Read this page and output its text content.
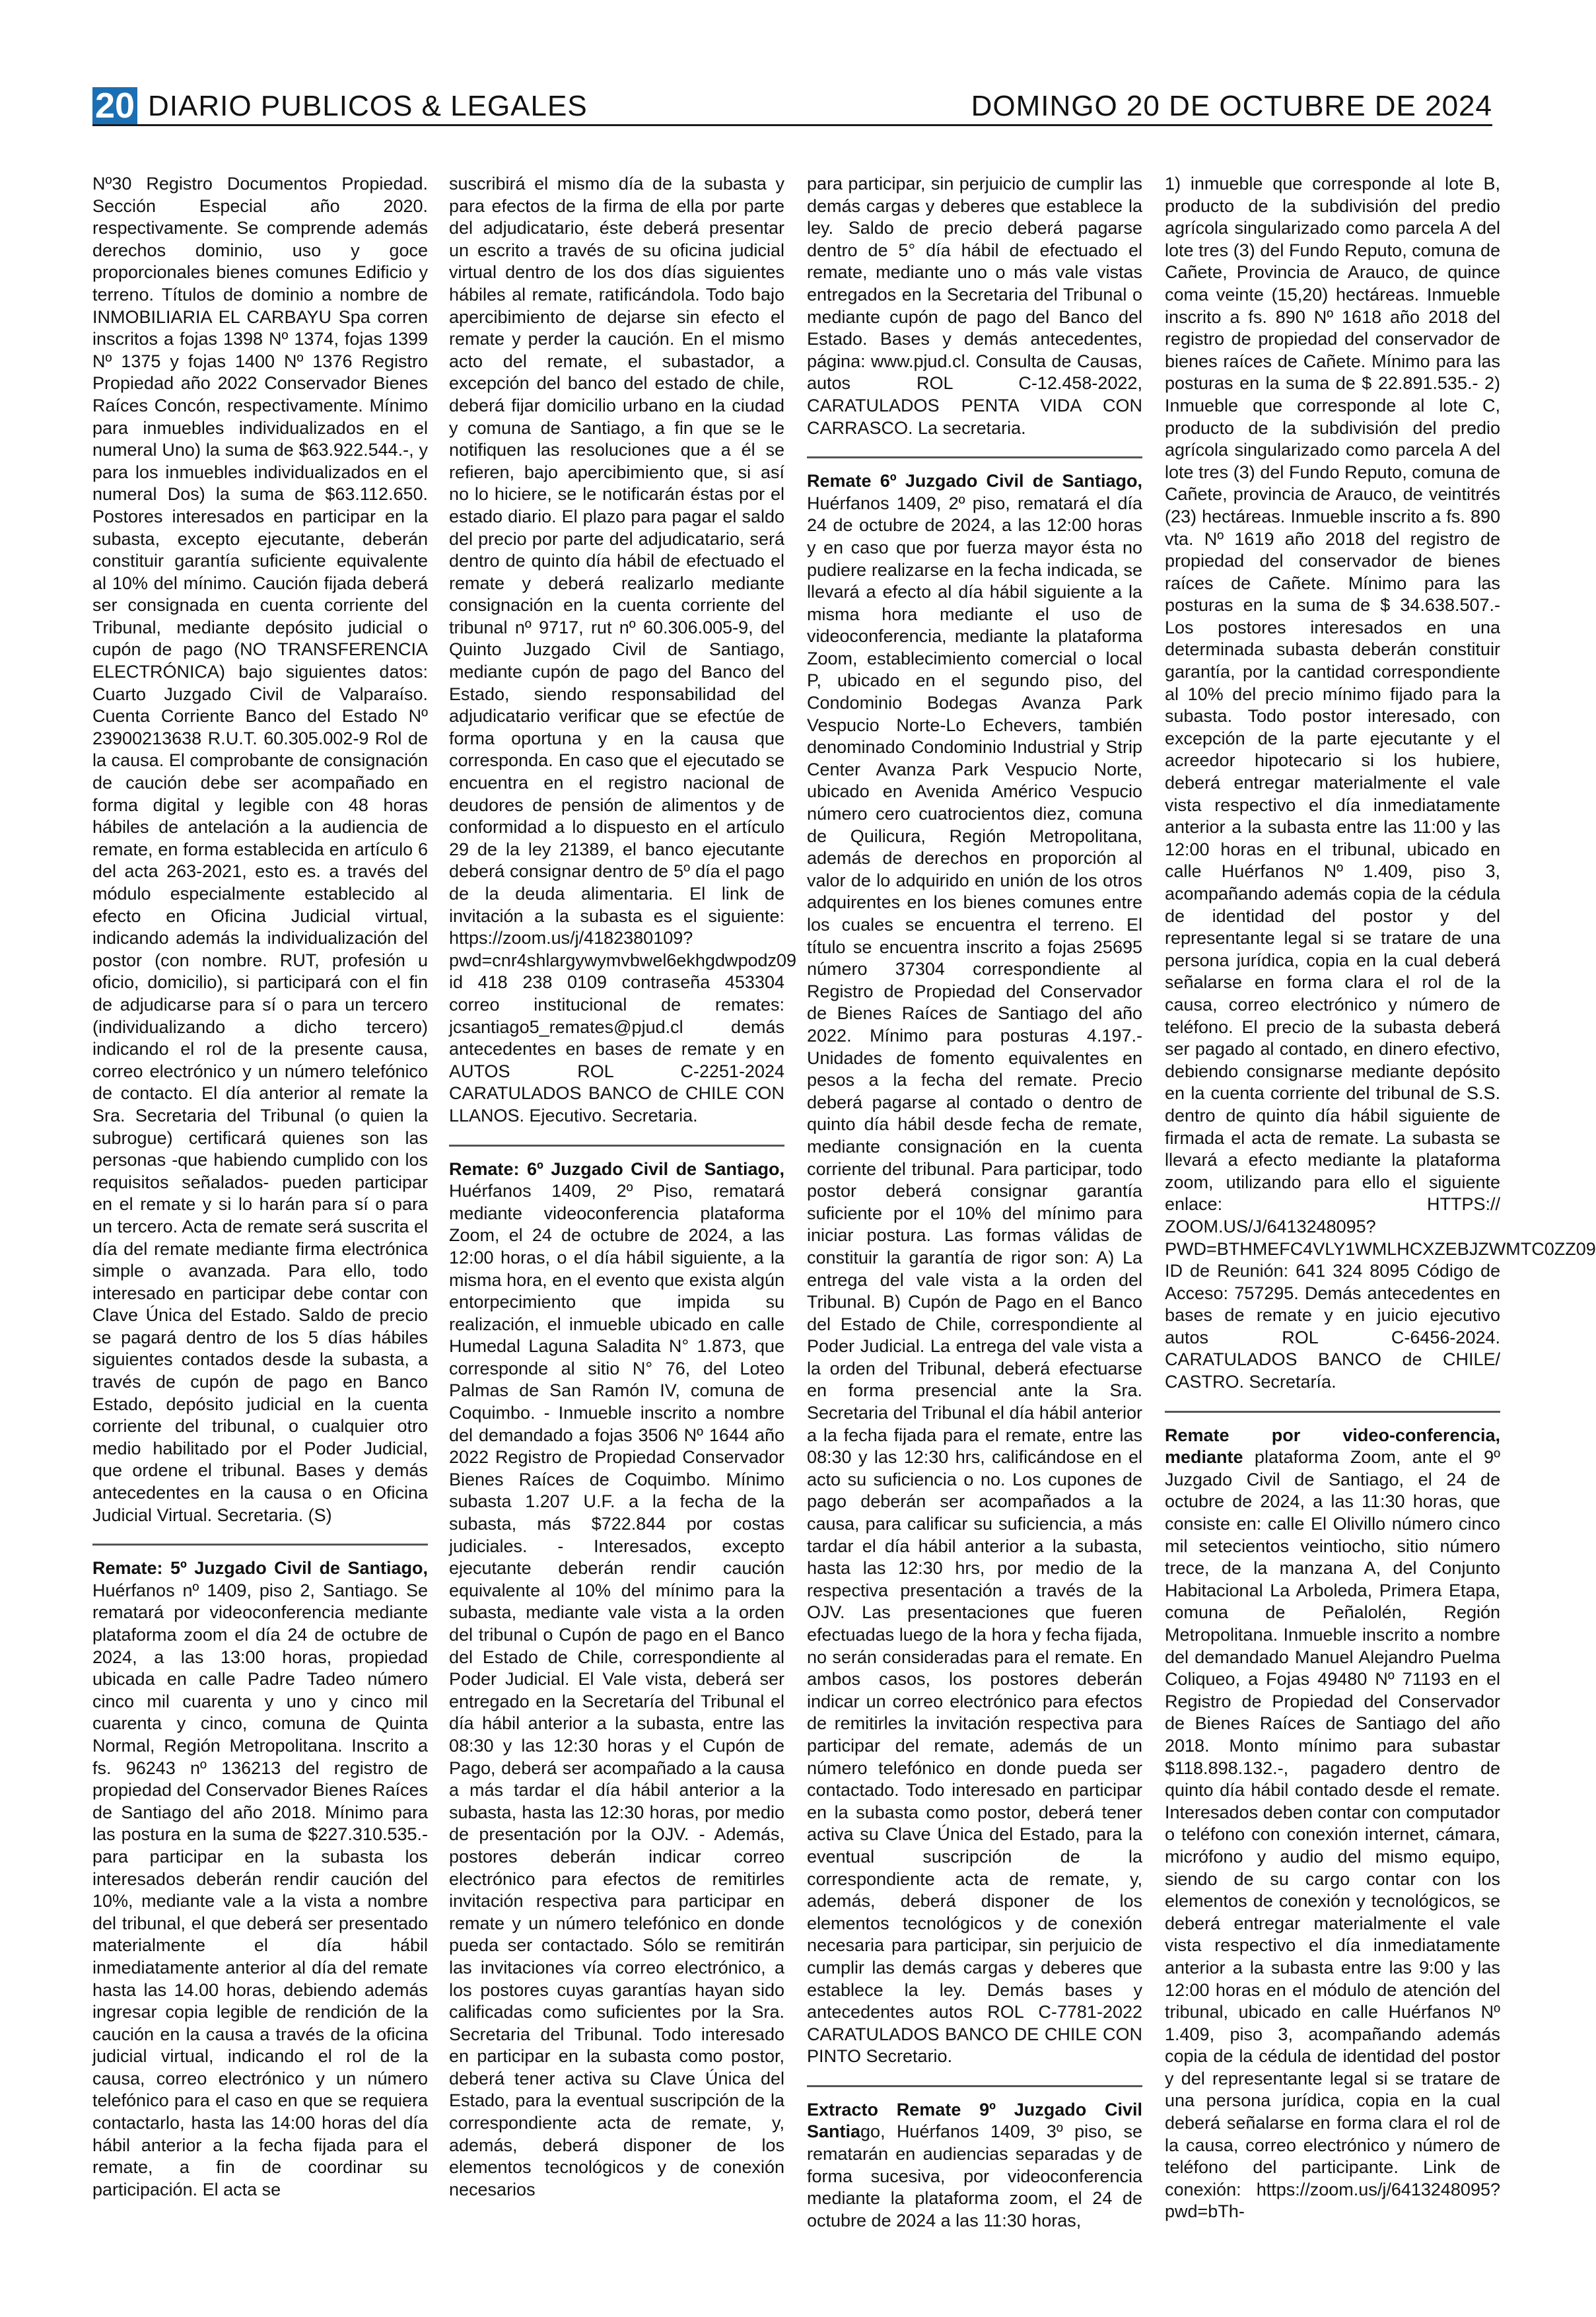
20 DIARIO PUBLICOS & LEGALES	DOMINGO 20 DE OCTUBRE DE 2024

Nº30 Registro Documentos Propiedad. Sección Especial año 2020. respectivamente. Se comprende además derechos dominio, uso y goce proporcionales bienes comunes Edificio y terreno. Títulos de dominio a nombre de INMOBILIARIA EL CARBAYU Spa corren inscritos a fojas 1398 Nº 1374, fojas 1399 Nº 1375 y fojas 1400 Nº 1376 Registro Propiedad año 2022 Conservador Bienes Raíces Concón, respectivamente. Mínimo para inmuebles individualizados en el numeral Uno) la suma de $63.922.544.-, y para los inmuebles individualizados en el numeral Dos) la suma de $63.112.650. Postores interesados en participar en la subasta, excepto ejecutante, deberán constituir garantía suficiente equivalente al 10% del mínimo. Caución fijada deberá ser consignada en cuenta corriente del Tribunal, mediante depósito judicial o cupón de pago (NO TRANSFERENCIA ELECTRÓNICA) bajo siguientes datos: Cuarto Juzgado Civil de Valparaíso. Cuenta Corriente Banco del Estado Nº 23900213638 R.U.T. 60.305.002-9 Rol de la causa. El comprobante de consignación de caución debe ser acompañado en forma digital y legible con 48 horas hábiles de antelación a la audiencia de remate, en forma establecida en artículo 6 del acta 263-2021, esto es. a través del módulo especialmente establecido al efecto en Oficina Judicial virtual, indicando además la individualización del postor (con nombre. RUT, profesión u oficio, domicilio), si participará con el fin de adjudicarse para sí o para un tercero (individualizando a dicho tercero) indicando el rol de la presente causa, correo electrónico y un número telefónico de contacto. El día anterior al remate la Sra. Secretaria del Tribunal (o quien la subrogue) certificará quienes son las personas -que habiendo cumplido con los requisitos señalados- pueden participar en el remate y si lo harán para sí o para un tercero. Acta de remate será suscrita el día del remate mediante firma electrónica simple o avanzada. Para ello, todo interesado en participar debe contar con Clave Única del Estado. Saldo de precio se pagará dentro de los 5 días hábiles siguientes contados desde la subasta, a través de cupón de pago en Banco Estado, depósito judicial en la cuenta corriente del tribunal, o cualquier otro medio habilitado por el Poder Judicial, que ordene el tribunal. Bases y demás antecedentes en la causa o en Oficina Judicial Virtual. Secretaria. (S)

Remate: 5º Juzgado Civil de Santiago, Huérfanos nº 1409, piso 2, Santiago. Se rematará por videoconferencia mediante plataforma zoom el día 24 de octubre de 2024, a las 13:00 horas, propiedad ubicada en calle Padre Tadeo número cinco mil cuarenta y uno y cinco mil cuarenta y cinco, comuna de Quinta Normal, Región Metropolitana. Inscrito a fs. 96243 nº 136213 del registro de propiedad del Conservador Bienes Raíces de Santiago del año 2018. Mínimo para las postura en la suma de $227.310.535.- para participar en la subasta los interesados deberán rendir caución del 10%, mediante vale a la vista a nombre del tribunal, el que deberá ser presentado materialmente el día hábil inmediatamente anterior al día del remate hasta las 14.00 horas, debiendo además ingresar copia legible de rendición de la caución en la causa a través de la oficina judicial virtual, indicando el rol de la causa, correo electrónico y un número telefónico para el caso en que se requiera contactarlo, hasta las 14:00 horas del día hábil anterior a la fecha fijada para el remate, a fin de coordinar su participación. El acta se

suscribirá el mismo día de la subasta y para efectos de la firma de ella por parte del adjudicatario, éste deberá presentar un escrito a través de su oficina judicial virtual dentro de los dos días siguientes hábiles al remate, ratificándola. Todo bajo apercibimiento de dejarse sin efecto el remate y perder la caución. En el mismo acto del remate, el subastador, a excepción del banco del estado de chile, deberá fijar domicilio urbano en la ciudad y comuna de Santiago, a fin que se le notifiquen las resoluciones que a él se refieren, bajo apercibimiento que, si así no lo hiciere, se le notificarán éstas por el estado diario. El plazo para pagar el saldo del precio por parte del adjudicatario, será dentro de quinto día hábil de efectuado el remate y deberá realizarlo mediante consignación en la cuenta corriente del tribunal nº 9717, rut nº 60.306.005-9, del Quinto Juzgado Civil de Santiago, mediante cupón de pago del Banco del Estado, siendo responsabilidad del adjudicatario verificar que se efectúe de forma oportuna y en la causa que corresponda. En caso que el ejecutado se encuentra en el registro nacional de deudores de pensión de alimentos y de conformidad a lo dispuesto en el artículo 29 de la ley 21389, el banco ejecutante deberá consignar dentro de 5º día el pago de la deuda alimentaria. El link de invitación a la subasta es el siguiente: https://zoom.us/j/4182380109?pwd=cnr4shlargywymvbwel6ekhgdwpodz09 id 418 238 0109 contraseña 453304 correo institucional de remates: jcsantiago5_remates@pjud.cl demás antecedentes en bases de remate y en AUTOS ROL C-2251-2024 CARATULADOS BANCO de CHILE CON LLANOS. Ejecutivo. Secretaria.

Remate: 6º Juzgado Civil de Santiago, Huérfanos 1409, 2º Piso, rematará mediante videoconferencia plataforma Zoom, el 24 de octubre de 2024, a las 12:00 horas, o el día hábil siguiente, a la misma hora, en el evento que exista algún entorpecimiento que impida su realización, el inmueble ubicado en calle Humedal Laguna Saladita N° 1.873, que corresponde al sitio N° 76, del Loteo Palmas de San Ramón IV, comuna de Coquimbo. - Inmueble inscrito a nombre del demandado a fojas 3506 Nº 1644 año 2022 Registro de Propiedad Conservador Bienes Raíces de Coquimbo. Mínimo subasta 1.207 U.F. a la fecha de la subasta, más $722.844 por costas judiciales. - Interesados, excepto ejecutante deberán rendir caución equivalente al 10% del mínimo para la subasta, mediante vale vista a la orden del tribunal o Cupón de pago en el Banco del Estado de Chile, correspondiente al Poder Judicial. El Vale vista, deberá ser entregado en la Secretaría del Tribunal el día hábil anterior a la subasta, entre las 08:30 y las 12:30 horas y el Cupón de Pago, deberá ser acompañado a la causa a más tardar el día hábil anterior a la subasta, hasta las 12:30 horas, por medio de presentación por la OJV. - Además, postores deberán indicar correo electrónico para efectos de remitirles invitación respectiva para participar en remate y un número telefónico en donde pueda ser contactado. Sólo se remitirán las invitaciones vía correo electrónico, a los postores cuyas garantías hayan sido calificadas como suficientes por la Sra. Secretaria del Tribunal. Todo interesado en participar en la subasta como postor, deberá tener activa su Clave Única del Estado, para la eventual suscripción de la correspondiente acta de remate, y, además, deberá disponer de los elementos tecnológicos y de conexión necesarios

para participar, sin perjuicio de cumplir las demás cargas y deberes que establece la ley. Saldo de precio deberá pagarse dentro de 5° día hábil de efectuado el remate, mediante uno o más vale vistas entregados en la Secretaria del Tribunal o mediante cupón de pago del Banco del Estado. Bases y demás antecedentes, página: www.pjud.cl. Consulta de Causas, autos ROL C-12.458-2022, CARATULADOS PENTA VIDA CON CARRASCO. La secretaria.

Remate 6º Juzgado Civil de Santiago, Huérfanos 1409, 2º piso, rematará el día 24 de octubre de 2024, a las 12:00 horas y en caso que por fuerza mayor ésta no pudiere realizarse en la fecha indicada, se llevará a efecto al día hábil siguiente a la misma hora mediante el uso de videoconferencia, mediante la plataforma Zoom, establecimiento comercial o local P, ubicado en el segundo piso, del Condominio Bodegas Avanza Park Vespucio Norte-Lo Echevers, también denominado Condominio Industrial y Strip Center Avanza Park Vespucio Norte, ubicado en Avenida Américo Vespucio número cero cuatrocientos diez, comuna de Quilicura, Región Metropolitana, además de derechos en proporción al valor de lo adquirido en unión de los otros adquirentes en los bienes comunes entre los cuales se encuentra el terreno. El título se encuentra inscrito a fojas 25695 número 37304 correspondiente al Registro de Propiedad del Conservador de Bienes Raíces de Santiago del año 2022. Mínimo para posturas 4.197.- Unidades de fomento equivalentes en pesos a la fecha del remate. Precio deberá pagarse al contado o dentro de quinto día hábil desde fecha de remate, mediante consignación en la cuenta corriente del tribunal. Para participar, todo postor deberá consignar garantía suficiente por el 10% del mínimo para iniciar postura. Las formas válidas de constituir la garantía de rigor son: A) La entrega del vale vista a la orden del Tribunal. B) Cupón de Pago en el Banco del Estado de Chile, correspondiente al Poder Judicial. La entrega del vale vista a la orden del Tribunal, deberá efectuarse en forma presencial ante la Sra. Secretaria del Tribunal el día hábil anterior a la fecha fijada para el remate, entre las 08:30 y las 12:30 hrs, calificándose en el acto su suficiencia o no. Los cupones de pago deberán ser acompañados a la causa, para calificar su suficiencia, a más tardar el día hábil anterior a la subasta, hasta las 12:30 hrs, por medio de la respectiva presentación a través de la OJV. Las presentaciones que fueren efectuadas luego de la hora y fecha fijada, no serán consideradas para el remate. En ambos casos, los postores deberán indicar un correo electrónico para efectos de remitirles la invitación respectiva para participar del remate, además de un número telefónico en donde pueda ser contactado. Todo interesado en participar en la subasta como postor, deberá tener activa su Clave Única del Estado, para la eventual suscripción de la correspondiente acta de remate, y, además, deberá disponer de los elementos tecnológicos y de conexión necesaria para participar, sin perjuicio de cumplir las demás cargas y deberes que establece la ley. Demás bases y antecedentes autos ROL C-7781-2022 CARATULADOS BANCO DE CHILE CON PINTO Secretario.

Extracto Remate 9º Juzgado Civil Santiago, Huérfanos 1409, 3º piso, se rematarán en audiencias separadas y de forma sucesiva, por videoconferencia mediante la plataforma zoom, el 24 de octubre de 2024 a las 11:30 horas,

1) inmueble que corresponde al lote B, producto de la subdivisión del predio agrícola singularizado como parcela A del lote tres (3) del Fundo Reputo, comuna de Cañete, Provincia de Arauco, de quince coma veinte (15,20) hectáreas. Inmueble inscrito a fs. 890 Nº 1618 año 2018 del registro de propiedad del conservador de bienes raíces de Cañete. Mínimo para las posturas en la suma de $ 22.891.535.- 2) Inmueble que corresponde al lote C, producto de la subdivisión del predio agrícola singularizado como parcela A del lote tres (3) del Fundo Reputo, comuna de Cañete, provincia de Arauco, de veintitrés (23) hectáreas. Inmueble inscrito a fs. 890 vta. Nº 1619 año 2018 del registro de propiedad del conservador de bienes raíces de Cañete. Mínimo para las posturas en la suma de $ 34.638.507.- Los postores interesados en una determinada subasta deberán constituir garantía, por la cantidad correspondiente al 10% del precio mínimo fijado para la subasta. Todo postor interesado, con excepción de la parte ejecutante y el acreedor hipotecario si los hubiere, deberá entregar materialmente el vale vista respectivo el día inmediatamente anterior a la subasta entre las 11:00 y las 12:00 horas en el tribunal, ubicado en calle Huérfanos Nº 1.409, piso 3, acompañando además copia de la cédula de identidad del postor y del representante legal si se tratare de una persona jurídica, copia en la cual deberá señalarse en forma clara el rol de la causa, correo electrónico y número de teléfono. El precio de la subasta deberá ser pagado al contado, en dinero efectivo, debiendo consignarse mediante depósito en la cuenta corriente del tribunal de S.S. dentro de quinto día hábil siguiente de firmada el acta de remate. La subasta se llevará a efecto mediante la plataforma zoom, utilizando para ello el siguiente enlace: HTTPS:// ZOOM.US/J/6413248095?PWD=BTHMEFC4VLY1WMLHCXZEBJZWMTC0ZZ09 ID de Reunión: 641 324 8095 Código de Acceso: 757295. Demás antecedentes en bases de remate y en juicio ejecutivo autos ROL C-6456-2024. CARATULADOS BANCO de CHILE/ CASTRO. Secretaría.

Remate por video-conferencia, mediante plataforma Zoom, ante el 9º Juzgado Civil de Santiago, el 24 de octubre de 2024, a las 11:30 horas, que consiste en: calle El Olivillo número cinco mil setecientos veintiocho, sitio número trece, de la manzana A, del Conjunto Habitacional La Arboleda, Primera Etapa, comuna de Peñalolén, Región Metropolitana. Inmueble inscrito a nombre del demandado Manuel Alejandro Puelma Coliqueo, a Fojas 49480 Nº 71193 en el Registro de Propiedad del Conservador de Bienes Raíces de Santiago del año 2018. Monto mínimo para subastar $118.898.132.-, pagadero dentro de quinto día hábil contado desde el remate. Interesados deben contar con computador o teléfono con conexión internet, cámara, micrófono y audio del mismo equipo, siendo de su cargo contar con los elementos de conexión y tecnológicos, se deberá entregar materialmente el vale vista respectivo el día inmediatamente anterior a la subasta entre las 9:00 y las 12:00 horas en el módulo de atención del tribunal, ubicado en calle Huérfanos Nº 1.409, piso 3, acompañando además copia de la cédula de identidad del postor y del representante legal si se tratare de una persona jurídica, copia en la cual deberá señalarse en forma clara el rol de la causa, correo electrónico y número de teléfono del participante. Link de conexión: https://zoom.us/j/6413248095?pwd=bTh-
